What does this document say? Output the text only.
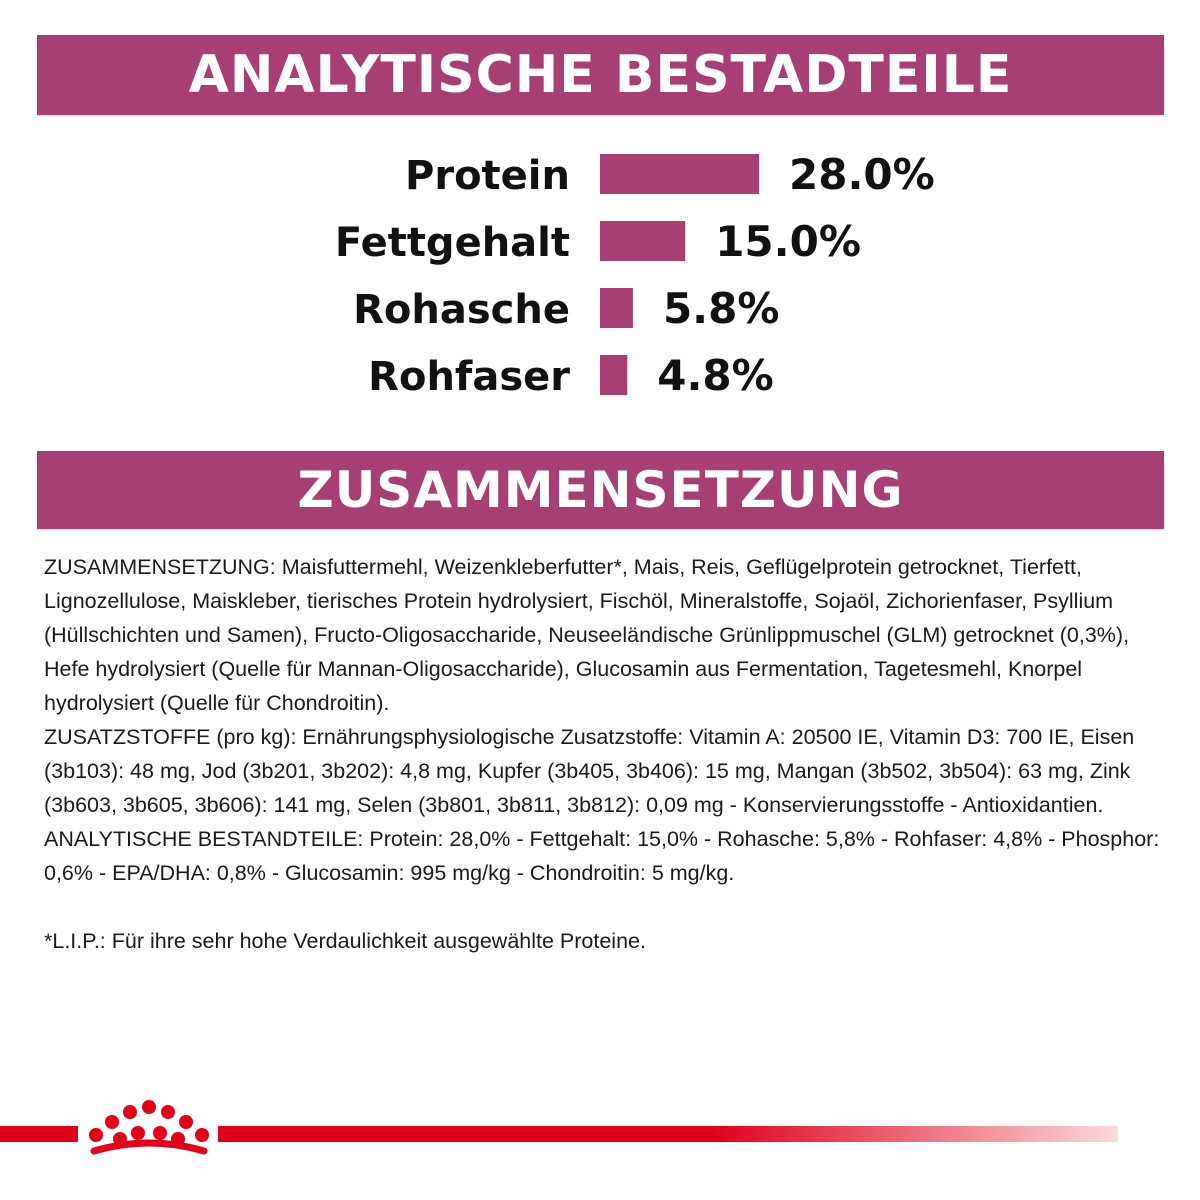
ANALYTISCHE BESTADTEILE
Protein	28.0%
Fettgehalt	15.0%
Rohasche 5.8%
Rohfaser 4.8%
ZUSAMMENSETZUNG

ZUSAMMENSETZUNG: Maisfuttermehl, Weizenkleberfutter*, Mais, Reis, Geflügelprotein getrocknet, Tierfett, Lignozellulose, Maiskleber, tierisches Protein hydrolysiert, Fischöl, Mineralstoffe, Sojaöl, Zichorienfaser, Psyllium (Hüllschichten und Samen), Fructo-Oligosaccharide, Neuseeländische Grünlippmuschel (GLM) getrocknet (0,3%), Hefe hydrolysiert (Quelle für Mannan-Oligosaccharide), Glucosamin aus Fermentation, Tagetesmehl, Knorpel hydrolysiert (Quelle für Chondroitin).

ZUSATZSTOFFE (pro kg): Ernährungsphysiologische Zusatzstoffe: Vitamin A: 20500 IE, Vitamin D3: 700 IE, Eisen (3b103): 48 mg, Jod (3b201, 3b202): 4,8 mg, Kupfer (3b405, 3b406): 15 mg, Mangan (3b502, 3b504): 63 mg, Zink (3b603, 3b605, 3b606): 141 mg, Selen (3b801, 3b811, 3b812): 0,09 mg - Konservierungsstoffe - Antioxidantien.

ANALYTISCHE BESTANDTEILE: Protein: 28,0% - Fettgehalt: 15,0% - Rohasche: 5,8% - Rohfaser: 4,8% - Phosphor: 0,6% - EPA/DHA: 0,8% - Glucosamin: 995 mg/kg - Chondroitin: 5 mg/kg.

*L.I.P.: Für ihre sehr hohe Verdaulichkeit ausgewählte Proteine.
